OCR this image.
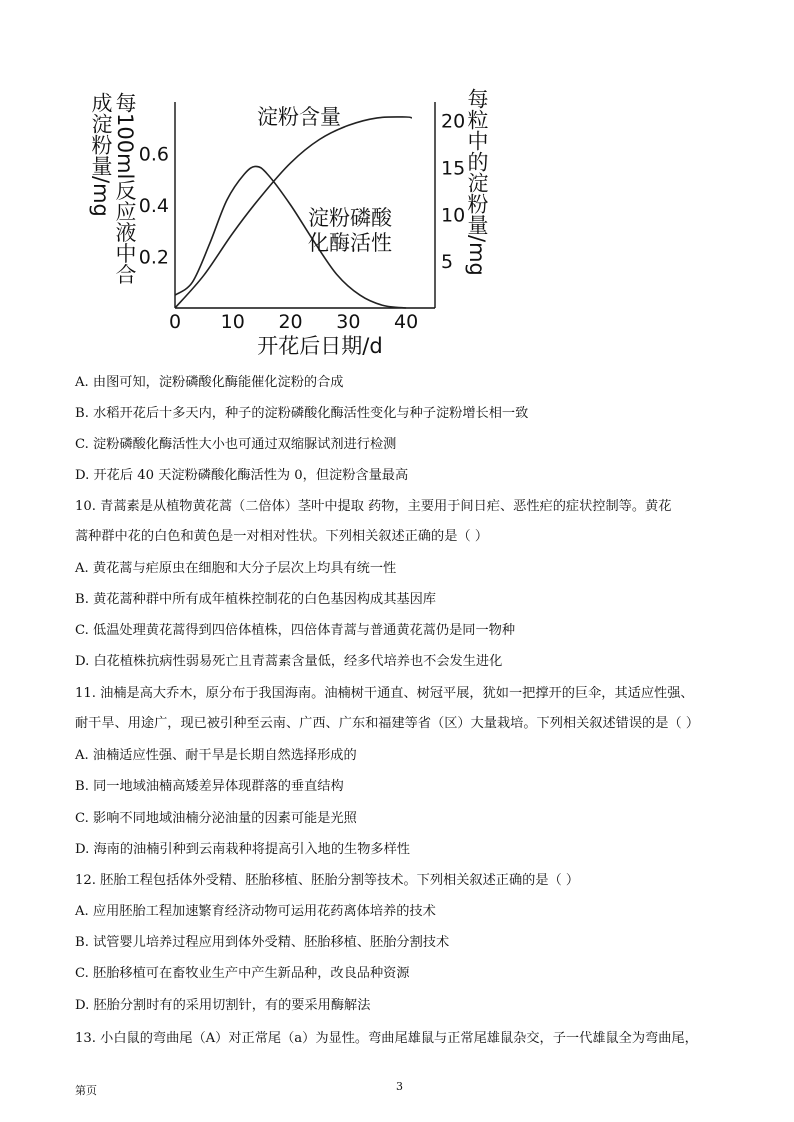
每100ml反应液中合
成淀粉量/mg	每粒中的淀粉量/mg
0 10 20 30 40
0.2
0.4
0.6
5
10
15
20
开花后日期/d
淀粉含量
淀粉磷酸
化酶活性
A. 由图可知，淀粉磷酸化酶能催化淀粉的合成
B. 水稻开花后十多天内，种子的淀粉磷酸化酶活性变化与种子淀粉增长相一致
C. 淀粉磷酸化酶活性大小也可通过双缩脲试剂进行检测
D. 开花后 40 天淀粉磷酸化酶活性为 0，但淀粉含量最高
10. 青蒿素是从植物黄花蒿（二倍体）茎叶中提取 药物，主要用于间日疟、恶性疟的症状控制等。黄花
蒿种群中花的白色和黄色是一对相对性状。下列相关叙述正确的是（ ）
A. 黄花蒿与疟原虫在细胞和大分子层次上均具有统一性
B. 黄花蒿种群中所有成年植株控制花的白色基因构成其基因库
C. 低温处理黄花蒿得到四倍体植株，四倍体青蒿与普通黄花蒿仍是同一物种
D. 白花植株抗病性弱易死亡且青蒿素含量低，经多代培养也不会发生进化
11. 油楠是高大乔木，原分布于我国海南。油楠树干通直、树冠平展，犹如一把撑开的巨伞，其适应性强、
耐干旱、用途广，现已被引种至云南、广西、广东和福建等省（区）大量栽培。下列相关叙述错误的是（ ）
A. 油楠适应性强、耐干旱是长期自然选择形成的
B. 同一地域油楠高矮差异体现群落的垂直结构
C. 影响不同地域油楠分泌油量的因素可能是光照
D. 海南的油楠引种到云南栽种将提高引入地的生物多样性
12. 胚胎工程包括体外受精、胚胎移植、胚胎分割等技术。下列相关叙述正确的是（ ）
A. 应用胚胎工程加速繁育经济动物可运用花药离体培养的技术
B. 试管婴儿培养过程应用到体外受精、胚胎移植、胚胎分割技术
C. 胚胎移植可在畜牧业生产中产生新品种，改良品种资源
D. 胚胎分割时有的采用切割针，有的要采用酶解法
13. 小白鼠的弯曲尾（A）对正常尾（a）为显性。弯曲尾雄鼠与正常尾雄鼠杂交，子一代雄鼠全为弯曲尾，
第页	3
